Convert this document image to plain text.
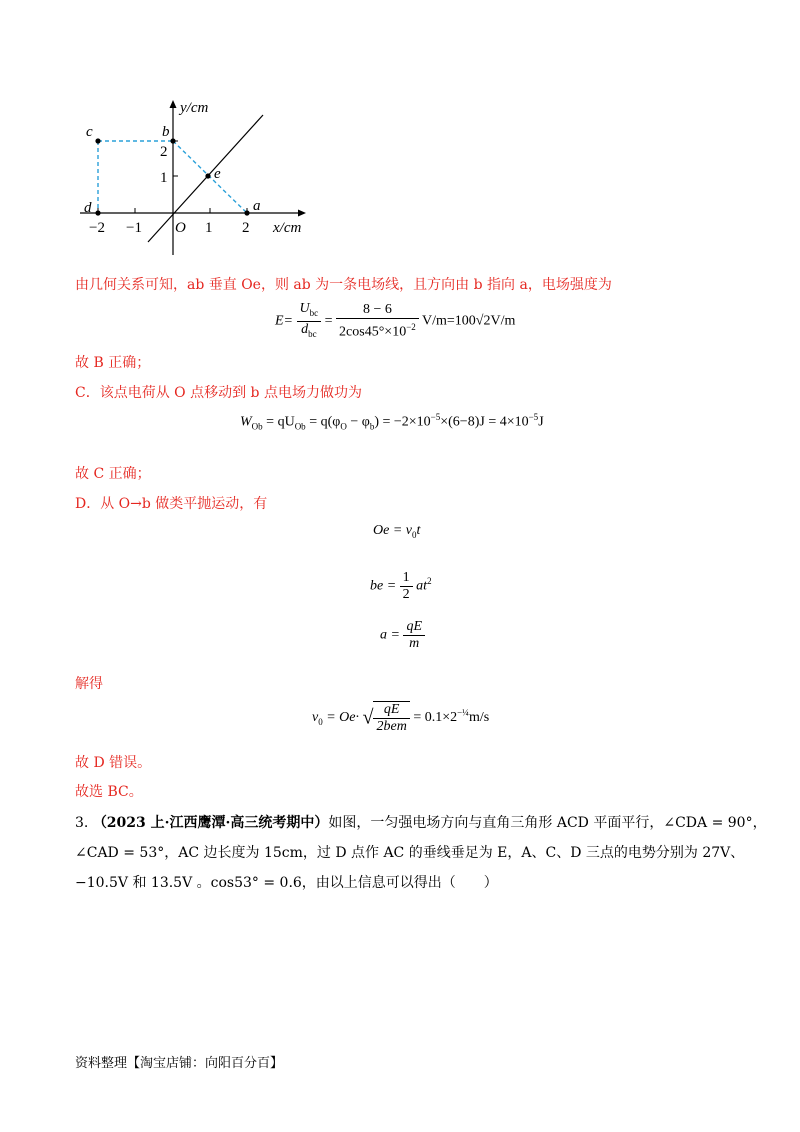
y/cm
x/cm
O
c	b
d	a
e
−2 −1	1 2
1
2
由几何关系可知，ab 垂直 Oe，则 ab 为一条电场线，且方向由 b 指向 a，电场强度为
$E= \frac{U_{bc}}{d_{bc}} = \frac{8 - 6}{2\cos 45^\circ\times 10^{-2}} V/m=100√2V/m$
故 B 正确；
C．该点电荷从 O 点移动到 b 点电场力做功为
$W_{Ob} = qU_{Ob} = q(\varphi_O - \varphi_b) = -2\times 10^{-5}\times(6-8)J = 4\times 10^{-5}J$
故 C 正确；
D．从 O→b 做类平抛运动，有
$Oe = v_0t$
be = $\frac{1}{2} at^2$
$a = \frac{qE}{m}$
解得
$v_0 = Oe\cdot$ √ $\frac{qE}{\text{2bem}} = 0.1\times 2^{-\frac{1}{4}}m/s$
故 D 错误。
故选 BC。
3. （2023 上·江西鹰潭·高三统考期中）如图，一匀强电场方向与直角三角形 ACD 平面平行，∠CDA = 90°，
∠CAD = 53°，AC 边长度为 15cm，过 D 点作 AC 的垂线垂足为 E，A、C、D 三点的电势分别为 27V、
−10.5V 和 13.5V 。cos53° = 0.6，由以上信息可以得出（　　）
资料整理【淘宝店铺：向阳百分百】
